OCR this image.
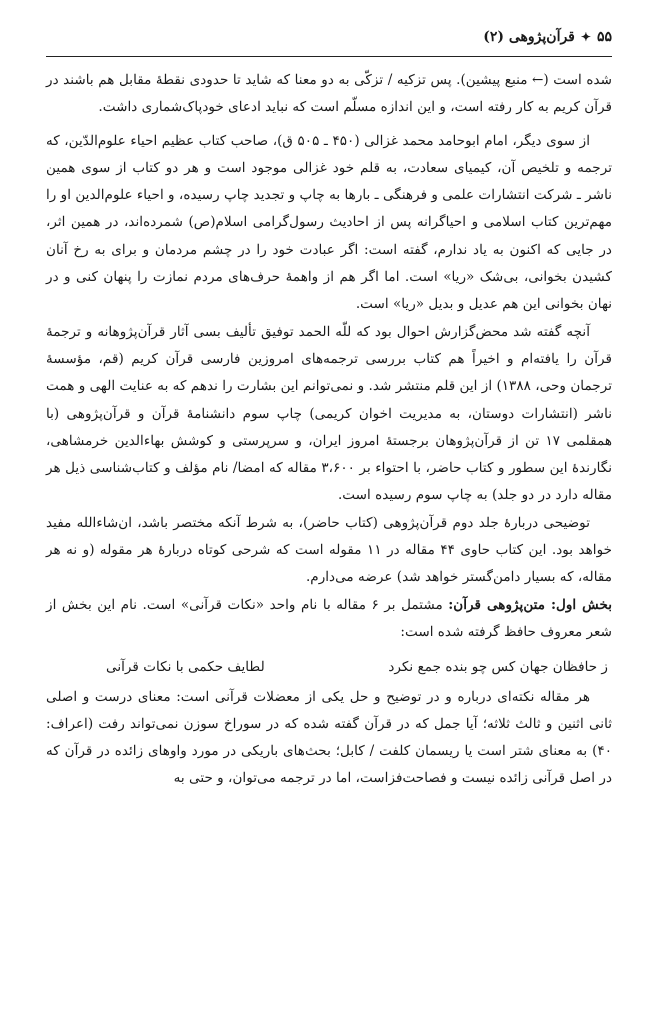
۵۵
✦
قرآن‌پژوهی (۲)

شده است (← منبع پیشین). پس تزکیه / تزکّی به دو معنا که شاید تا حدودی نقطهٔ مقابل هم باشند در قرآن کریم به کار رفته است، و این اندازه مسلّم است که نباید ادعای خودپاک‌شماری داشت.

از سوی دیگر، امام ابوحامد محمد غزالی (۴۵۰ ـ ۵۰۵ ق)، صاحب کتاب عظیم احیاء علوم‌الدّین، که ترجمه و تلخیص آن، کیمیای سعادت، به قلم خود غزالی موجود است و هر دو کتاب از سوی همین ناشر ـ شرکت انتشارات علمی و فرهنگی ـ بارها به چاپ و تجدید چاپ رسیده، و احیاء علوم‌الدین او را مهم‌ترین کتاب اسلامی و احیاگرانه پس از احادیث رسول‌گرامی اسلام(ص) شمرده‌اند، در همین اثر، در جایی که اکنون به یاد ندارم، گفته است: اگر عبادت خود را در چشم مردمان و برای به رخ آنان کشیدن بخوانی، بی‌شک «ریا» است. اما اگر هم از واهمهٔ حرف‌های مردم نمازت را پنهان کنی و در نهان بخوانی این هم عدیل و بدیل «ریا» است.

آنچه گفته شد محض‌گزارش احوال بود که للّه الحمد توفیق تألیف بسی آثار قرآن‌پژوهانه و ترجمهٔ قرآن را یافته‌ام و اخیراً هم کتاب بررسی ترجمه‌های امروزین فارسی قرآن کریم (قم، مؤسسهٔ ترجمان وحی، ۱۳۸۸) از این قلم منتشر شد. و نمی‌توانم این بشارت را ندهم که به عنایت الهی و همت ناشر (انتشارات دوستان، به مدیریت اخوان کریمی) چاپ سوم دانشنامهٔ قرآن و قرآن‌پژوهی (با همقلمی ۱۷ تن از قرآن‌پژوهان برجستهٔ امروز ایران، و سرپرستی و کوشش بهاءالدین خرمشاهی، نگارندهٔ این سطور و کتاب حاضر، با احتواء بر ۳،۶۰۰ مقاله که امضا/ نام مؤلف و کتاب‌شناسی ذیل هر مقاله دارد در دو جلد) به چاپ سوم رسیده است.

توضیحی دربارهٔ جلد دوم قرآن‌پژوهی (کتاب حاضر)، به شرط آنکه مختصر باشد، ان‌شاءالله مفید خواهد بود. این کتاب حاوی ۴۴ مقاله در ۱۱ مقوله است که شرحی کوتاه دربارهٔ هر مقوله (و نه هر مقاله، که بسیار دامن‌گستر خواهد شد) عرضه می‌دارم.

بخش اول: متن‌پژوهی قرآن: مشتمل بر ۶ مقاله با نام واحد «نکات قرآنی» است. نام این بخش از شعر معروف حافظ گرفته شده است:

ز حافظان جهان کس چو بنده جمع نکرد
لطایف حکمی با نکات قرآنی

هر مقاله نکته‌ای درباره و در توضیح و حل یکی از معضلات قرآنی است: معنای درست و اصلی ثانی اثنین و ثالث ثلاثه؛ آیا جمل که در قرآن گفته شده که در سوراخ سوزن نمی‌تواند رفت (اعراف: ۴۰) به معنای شتر است یا ریسمان کلفت / کابل؛ بحث‌های باریکی در مورد واوهای زائده در قرآن که در اصل قرآنی زائده نیست و فصاحت‌فزاست، اما در ترجمه می‌توان، و حتی به
